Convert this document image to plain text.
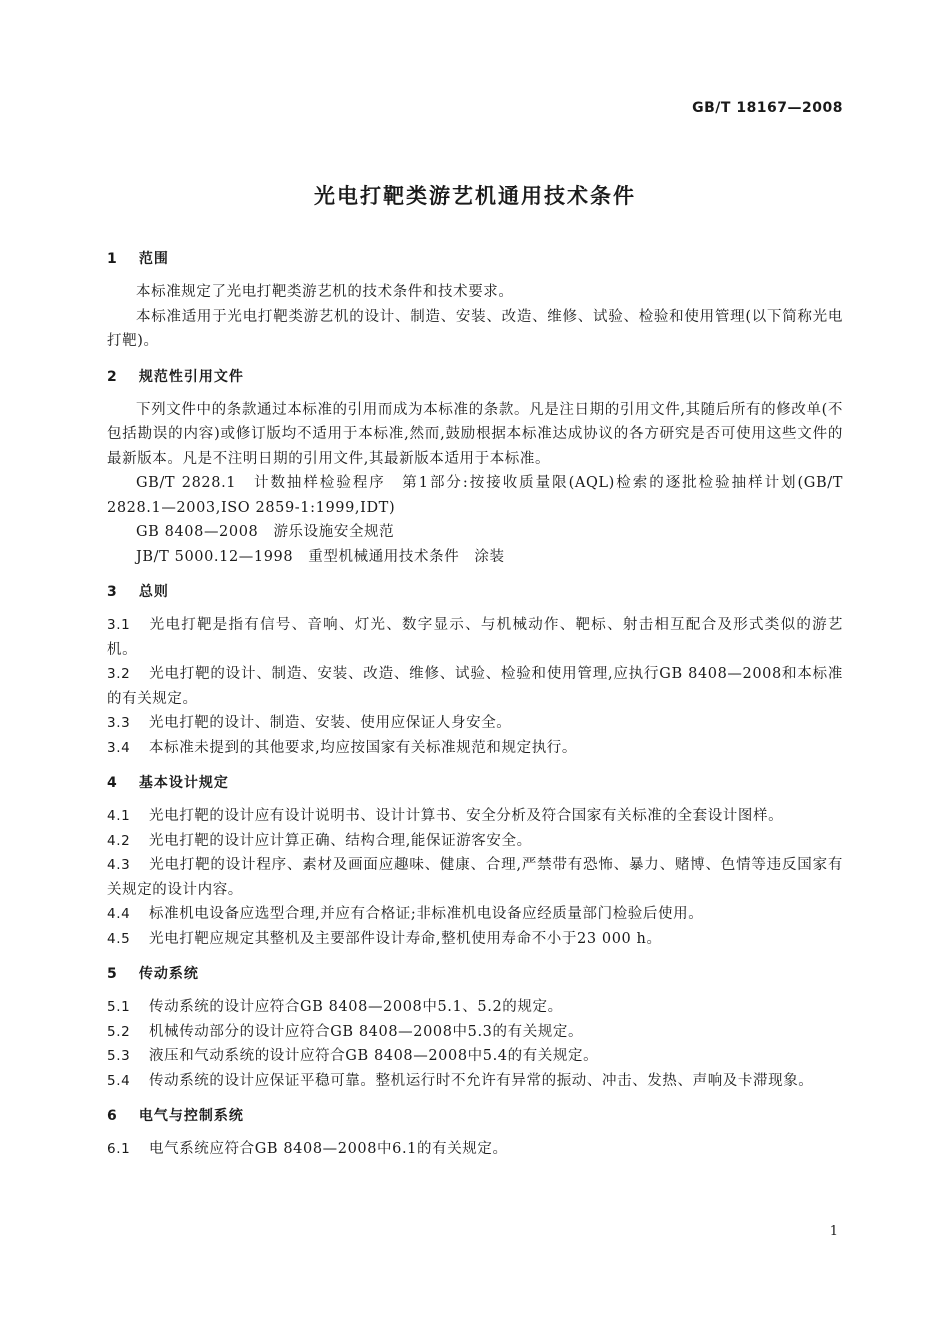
GB/T 18167—2008
光电打靶类游艺机通用技术条件
1 范围

本标准规定了光电打靶类游艺机的技术条件和技术要求。

本标准适用于光电打靶类游艺机的设计、制造、安装、改造、维修、试验、检验和使用管理(以下简称光电打靶)。

2 规范性引用文件

下列文件中的条款通过本标准的引用而成为本标准的条款。凡是注日期的引用文件,其随后所有的修改单(不包括勘误的内容)或修订版均不适用于本标准,然而,鼓励根据本标准达成协议的各方研究是否可使用这些文件的最新版本。凡是不注明日期的引用文件,其最新版本适用于本标准。

GB/T 2828.1　计数抽样检验程序　第1部分:按接收质量限(AQL)检索的逐批检验抽样计划(GB/T 2828.1—2003,ISO 2859-1:1999,IDT)

GB 8408—2008　游乐设施安全规范

JB/T 5000.12—1998　重型机械通用技术条件　涂装

3 总则

3.1 光电打靶是指有信号、音响、灯光、数字显示、与机械动作、靶标、射击相互配合及形式类似的游艺机。

3.2 光电打靶的设计、制造、安装、改造、维修、试验、检验和使用管理,应执行GB 8408—2008和本标准的有关规定。

3.3 光电打靶的设计、制造、安装、使用应保证人身安全。

3.4 本标准未提到的其他要求,均应按国家有关标准规范和规定执行。

4 基本设计规定

4.1 光电打靶的设计应有设计说明书、设计计算书、安全分析及符合国家有关标准的全套设计图样。

4.2 光电打靶的设计应计算正确、结构合理,能保证游客安全。

4.3 光电打靶的设计程序、素材及画面应趣味、健康、合理,严禁带有恐怖、暴力、赌博、色情等违反国家有关规定的设计内容。

4.4 标准机电设备应选型合理,并应有合格证;非标准机电设备应经质量部门检验后使用。

4.5 光电打靶应规定其整机及主要部件设计寿命,整机使用寿命不小于23 000 h。

5 传动系统

5.1 传动系统的设计应符合GB 8408—2008中5.1、5.2的规定。

5.2 机械传动部分的设计应符合GB 8408—2008中5.3的有关规定。

5.3 液压和气动系统的设计应符合GB 8408—2008中5.4的有关规定。

5.4 传动系统的设计应保证平稳可靠。整机运行时不允许有异常的振动、冲击、发热、声响及卡滞现象。

6 电气与控制系统

6.1 电气系统应符合GB 8408—2008中6.1的有关规定。

1
